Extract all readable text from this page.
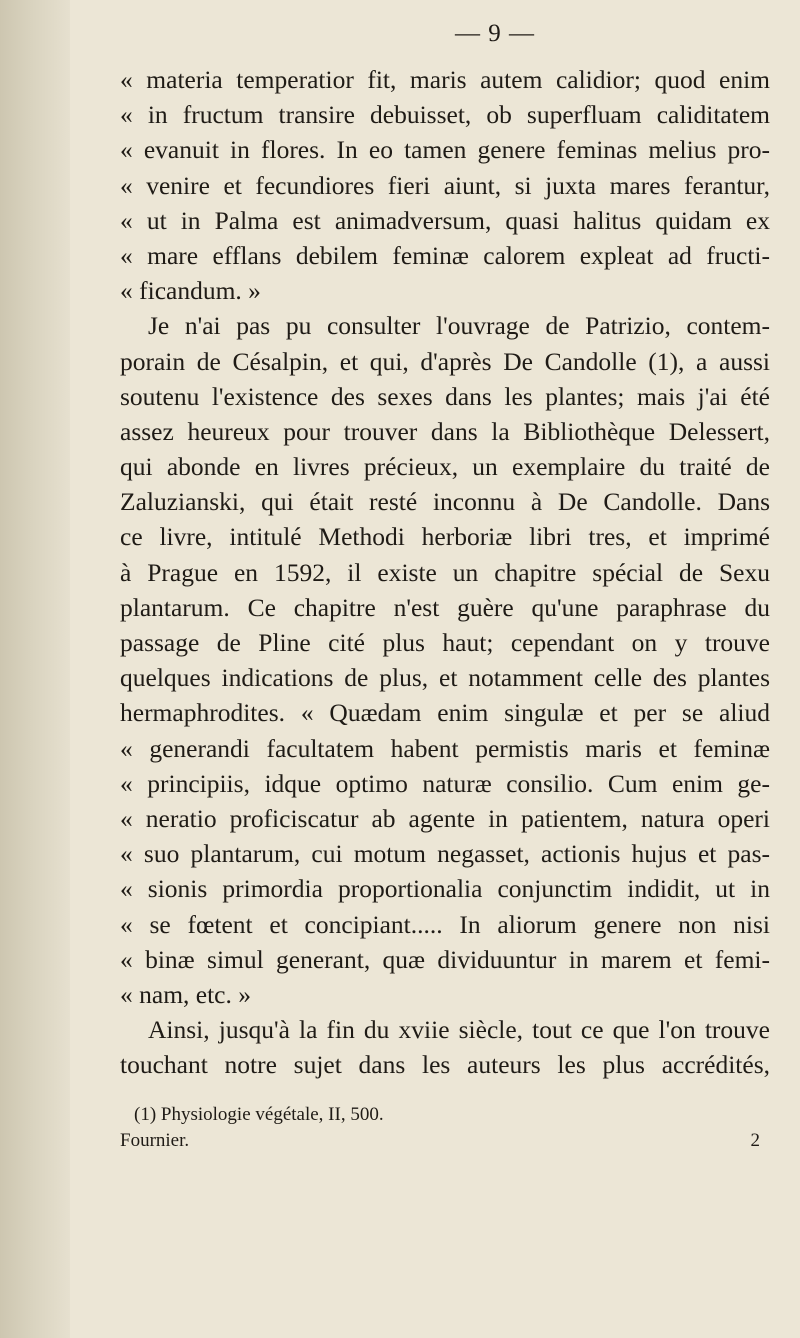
— 9 —
« materia temperatior fit, maris autem calidior; quod enim
« in fructum transire debuisset, ob superfluam caliditatem
« evanuit in flores. In eo tamen genere feminas melius pro-
« venire et fecundiores fieri aiunt, si juxta mares ferantur,
« ut in Palma est animadversum, quasi halitus quidam ex
« mare efflans debilem feminæ calorem expleat ad fructi-
« ficandum. »
Je n'ai pas pu consulter l'ouvrage de Patrizio, contem-
porain de Césalpin, et qui, d'après De Candolle (1), a aussi
soutenu l'existence des sexes dans les plantes; mais j'ai été
assez heureux pour trouver dans la Bibliothèque Delessert,
qui abonde en livres précieux, un exemplaire du traité de
Zaluzianski, qui était resté inconnu à De Candolle. Dans
ce livre, intitulé Methodi herboriæ libri tres, et imprimé
à Prague en 1592, il existe un chapitre spécial de Sexu
plantarum. Ce chapitre n'est guère qu'une paraphrase du
passage de Pline cité plus haut; cependant on y trouve
quelques indications de plus, et notamment celle des plantes
hermaphrodites. « Quædam enim singulæ et per se aliud
« generandi facultatem habent permistis maris et feminæ
« principiis, idque optimo naturæ consilio. Cum enim ge-
« neratio proficiscatur ab agente in patientem, natura operi
« suo plantarum, cui motum negasset, actionis hujus et pas-
« sionis primordia proportionalia conjunctim indidit, ut in
« se fœtent et concipiant..... In aliorum genere non nisi
« binæ simul generant, quæ dividuuntur in marem et femi-
« nam, etc. »
Ainsi, jusqu'à la fin du xviie siècle, tout ce que l'on trouve
touchant notre sujet dans les auteurs les plus accrédités,
(1) Physiologie végétale, II, 500.
Fournier.	2
